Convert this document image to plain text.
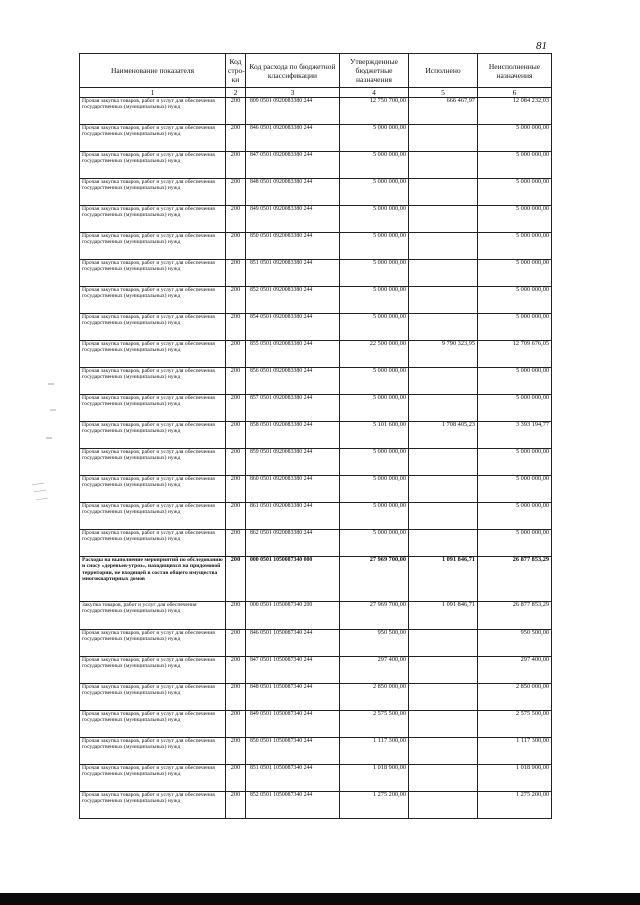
81
Наименование показателя	Код стро-ки	Код расхода по бюджетной классификации	Утвержденные бюджетные назначения	Исполнено	Неисполненные назначения
1	2	3	4	5	6
Прочая закупка товаров, работ и услуг для обеспечения государственных (муниципальных) нужд	200	809 0501 0920083380 244	12 750 700,00	666 467,97	12 084 232,03
Прочая закупка товаров, работ и услуг для обеспечения государственных (муниципальных) нужд	200	846 0501 0920083380 244	5 000 000,00		5 000 000,00
Прочая закупка товаров, работ и услуг для обеспечения государственных (муниципальных) нужд	200	847 0501 0920083380 244	5 000 000,00		5 000 000,00
Прочая закупка товаров, работ и услуг для обеспечения государственных (муниципальных) нужд	200	848 0501 0920083380 244	5 000 000,00		5 000 000,00
Прочая закупка товаров, работ и услуг для обеспечения государственных (муниципальных) нужд	200	849 0501 0920083380 244	5 000 000,00		5 000 000,00
Прочая закупка товаров, работ и услуг для обеспечения государственных (муниципальных) нужд	200	850 0501 0920083380 244	5 000 000,00		5 000 000,00
Прочая закупка товаров, работ и услуг для обеспечения государственных (муниципальных) нужд	200	851 0501 0920083380 244	5 000 000,00		5 000 000,00
Прочая закупка товаров, работ и услуг для обеспечения государственных (муниципальных) нужд	200	852 0501 0920083380 244	5 000 000,00		5 000 000,00
Прочая закупка товаров, работ и услуг для обеспечения государственных (муниципальных) нужд	200	854 0501 0920083380 244	5 000 000,00		5 000 000,00
Прочая закупка товаров, работ и услуг для обеспечения государственных (муниципальных) нужд	200	855 0501 0920083380 244	22 500 000,00	9 790 323,95	12 709 676,05
Прочая закупка товаров, работ и услуг для обеспечения государственных (муниципальных) нужд	200	856 0501 0920083380 244	5 000 000,00		5 000 000,00
Прочая закупка товаров, работ и услуг для обеспечения государственных (муниципальных) нужд	200	857 0501 0920083380 244	5 000 000,00		5 000 000,00
Прочая закупка товаров, работ и услуг для обеспечения государственных (муниципальных) нужд	200	858 0501 0920083380 244	5 101 600,00	1 708 405,23	3 393 194,77
Прочая закупка товаров, работ и услуг для обеспечения государственных (муниципальных) нужд	200	859 0501 0920083380 244	5 000 000,00		5 000 000,00
Прочая закупка товаров, работ и услуг для обеспечения государственных (муниципальных) нужд	200	860 0501 0920083380 244	5 000 000,00		5 000 000,00
Прочая закупка товаров, работ и услуг для обеспечения государственных (муниципальных) нужд	200	861 0501 0920083380 244	5 000 000,00		5 000 000,00
Прочая закупка товаров, работ и услуг для обеспечения государственных (муниципальных) нужд	200	862 0501 0920083380 244	5 000 000,00		5 000 000,00
Расходы на выполнение мероприятий по обследованию и сносу «деревьев-угроз», находящихся на придомовой территории, не входящей в состав общего имущества многоквартирных домов	200	000 0501 1050087340 000	27 969 700,00	1 091 846,71	26 877 853,29
Закупка товаров, работ и услуг для обеспечения государственных (муниципальных) нужд	200	000 0501 1050087340 200	27 969 700,00	1 091 846,71	26 877 853,29
Прочая закупка товаров, работ и услуг для обеспечения государственных (муниципальных) нужд	200	846 0501 1050087340 244	950 500,00		950 500,00
Прочая закупка товаров, работ и услуг для обеспечения государственных (муниципальных) нужд	200	847 0501 1050087340 244	297 400,00		297 400,00
Прочая закупка товаров, работ и услуг для обеспечения государственных (муниципальных) нужд	200	848 0501 1050087340 244	2 850 000,00		2 850 000,00
Прочая закупка товаров, работ и услуг для обеспечения государственных (муниципальных) нужд	200	849 0501 1050087340 244	2 575 500,00		2 575 500,00
Прочая закупка товаров, работ и услуг для обеспечения государственных (муниципальных) нужд	200	850 0501 1050087340 244	1 117 300,00		1 117 300,00
Прочая закупка товаров, работ и услуг для обеспечения государственных (муниципальных) нужд	200	851 0501 1050087340 244	1 018 900,00		1 018 900,00
Прочая закупка товаров, работ и услуг для обеспечения государственных (муниципальных) нужд	200	852 0501 1050087340 244	1 275 200,00		1 275 200,00
